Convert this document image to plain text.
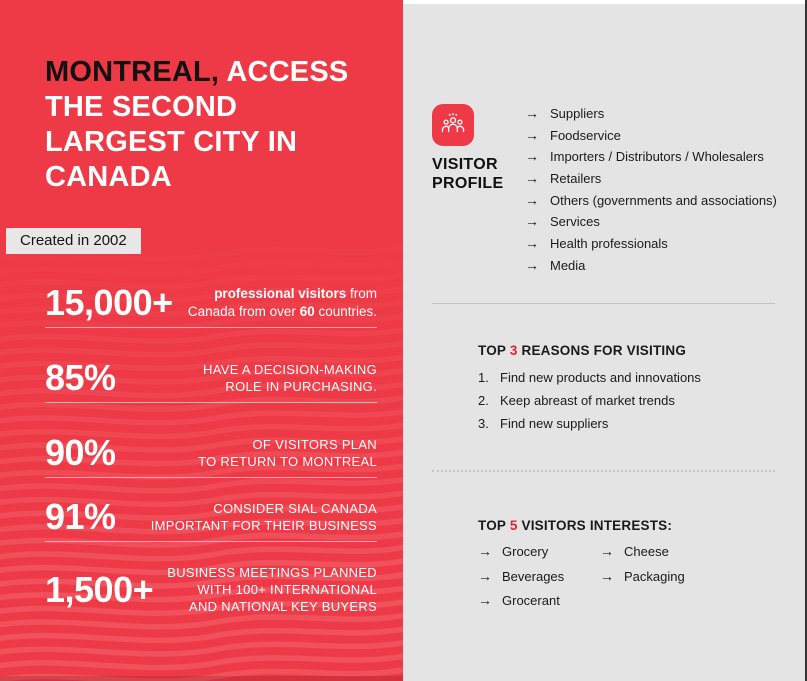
MONTREAL, ACCESS
THE SECOND
LARGEST CITY IN
CANADA
Created in 2002
15,000+	professional visitors from
Canada from over 60 countries.
85%	HAVE A DECISION-MAKING
ROLE IN PURCHASING.
90%	OF VISITORS PLAN
TO RETURN TO MONTREAL
91%	CONSIDER SIAL CANADA
IMPORTANT FOR THEIR BUSINESS
1,500+ BUSINESS MEETINGS PLANNED
WITH 100+ INTERNATIONAL
AND NATIONAL KEY BUYERS
VISITOR
PROFILE
→ Suppliers
→ Foodservice
→ Importers / Distributors / Wholesalers
→ Retailers
→ Others (governments and associations)
→ Services
→ Health professionals
→ Media
TOP 3 REASONS FOR VISITING
1. Find new products and innovations
2. Keep abreast of market trends
3. Find new suppliers
TOP 5 VISITORS INTERESTS:
→ Grocery
→ Beverages
→ Grocerant
→ Cheese
→ Packaging
